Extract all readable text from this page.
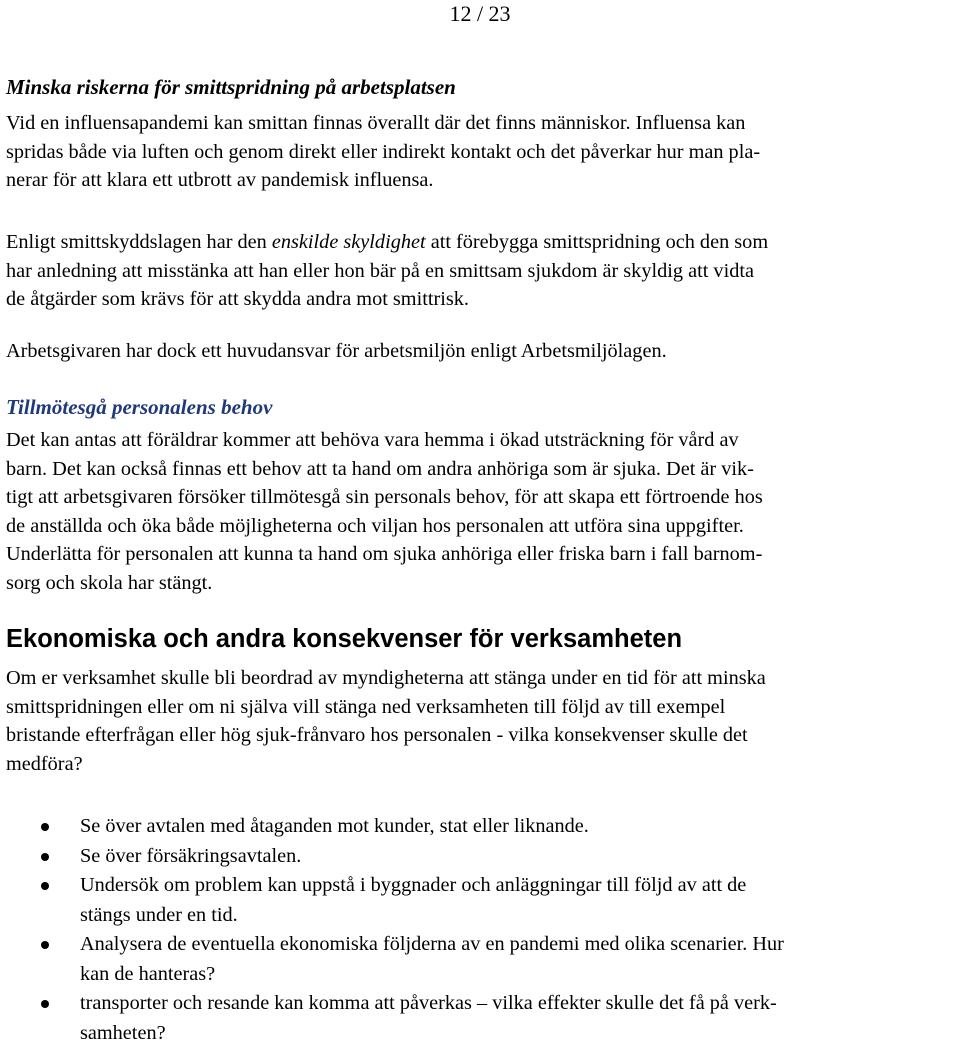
12 / 23
Minska riskerna för smittspridning på arbetsplatsen

Vid en influensapandemi kan smittan finnas överallt där det finns människor. Influensa kan
spridas både via luften och genom direkt eller indirekt kontakt och det påverkar hur man pla-
nerar för att klara ett utbrott av pandemisk influensa.

Enligt smittskyddslagen har den enskilde skyldighet att förebygga smittspridning och den som
har anledning att misstänka att han eller hon bär på en smittsam sjukdom är skyldig att vidta
de åtgärder som krävs för att skydda andra mot smittrisk.

Arbetsgivaren har dock ett huvudansvar för arbetsmiljön enligt Arbetsmiljölagen.

Tillmötesgå personalens behov

Det kan antas att föräldrar kommer att behöva vara hemma i ökad utsträckning för vård av
barn. Det kan också finnas ett behov att ta hand om andra anhöriga som är sjuka. Det är vik-
tigt att arbetsgivaren försöker tillmötesgå sin personals behov, för att skapa ett förtroende hos
de anställda och öka både möjligheterna och viljan hos personalen att utföra sina uppgifter.
Underlätta för personalen att kunna ta hand om sjuka anhöriga eller friska barn i fall barnom-
sorg och skola har stängt.

Ekonomiska och andra konsekvenser för verksamheten

Om er verksamhet skulle bli beordrad av myndigheterna att stänga under en tid för att minska
smittspridningen eller om ni själva vill stänga ned verksamheten till följd av till exempel
bristande efterfrågan eller hög sjuk-frånvaro hos personalen - vilka konsekvenser skulle det
medföra?

Se över avtalen med åtaganden mot kunder, stat eller liknande.
Se över försäkringsavtalen.
Undersök om problem kan uppstå i byggnader och anläggningar till följd av att de
stängs under en tid.
Analysera de eventuella ekonomiska följderna av en pandemi med olika scenarier. Hur
kan de hanteras?
transporter och resande kan komma att påverkas – vilka effekter skulle det få på verk-
samheten?
